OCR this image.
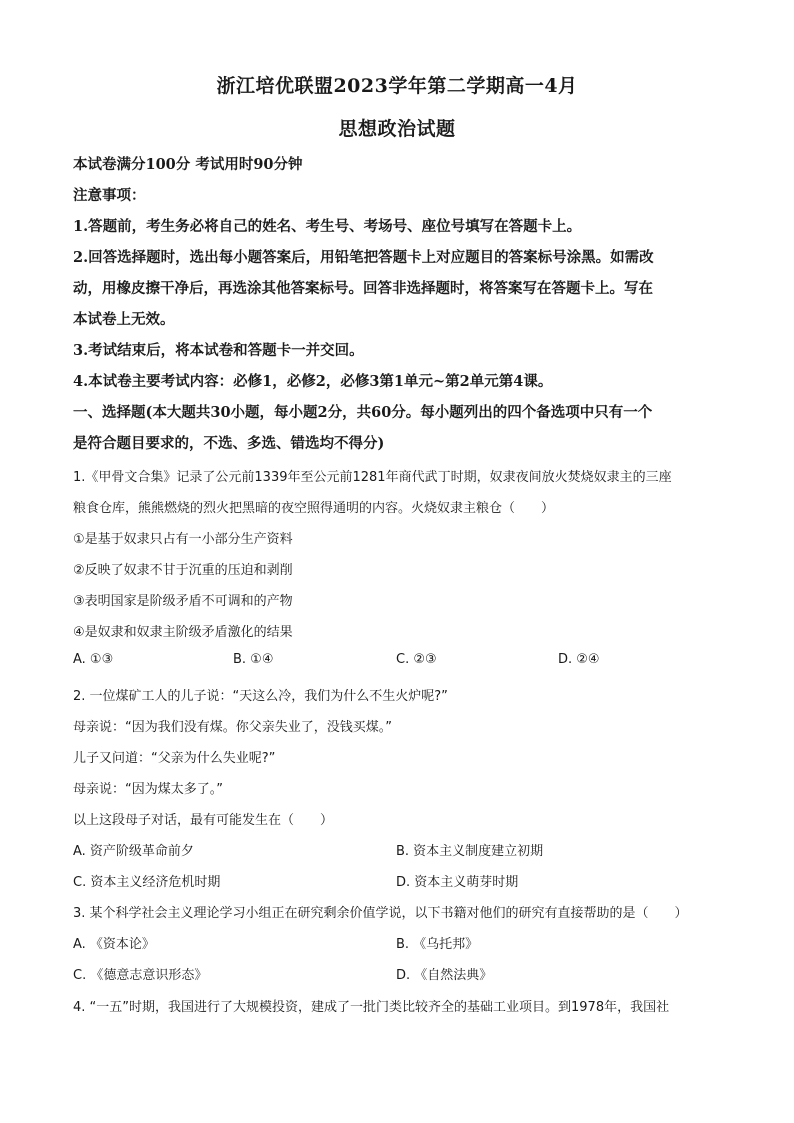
浙江培优联盟2023学年第二学期高一4月
思想政治试题
本试卷满分100分 考试用时90分钟
注意事项：
1.答题前，考生务必将自己的姓名、考生号、考场号、座位号填写在答题卡上。
2.回答选择题时，选出每小题答案后，用铅笔把答题卡上对应题目的答案标号涂黑。如需改
动，用橡皮擦干净后，再选涂其他答案标号。回答非选择题时，将答案写在答题卡上。写在
本试卷上无效。
3.考试结束后，将本试卷和答题卡一并交回。
4.本试卷主要考试内容：必修1，必修2，必修3第1单元~第2单元第4课。
一、选择题(本大题共30小题，每小题2分，共60分。每小题列出的四个备选项中只有一个
是符合题目要求的，不选、多选、错选均不得分)
1.《甲骨文合集》记录了公元前1339年至公元前1281年商代武丁时期，奴隶夜间放火焚烧奴隶主的三座
粮食仓库，熊熊燃烧的烈火把黑暗的夜空照得通明的内容。火烧奴隶主粮仓（　　）
①是基于奴隶只占有一小部分生产资料
②反映了奴隶不甘于沉重的压迫和剥削
③表明国家是阶级矛盾不可调和的产物
④是奴隶和奴隶主阶级矛盾激化的结果
A. ①③	B. ①④	C. ②③	D. ②④
2. 一位煤矿工人的儿子说：“天这么冷，我们为什么不生火炉呢?”
母亲说：“因为我们没有煤。你父亲失业了，没钱买煤。”
儿子又问道：“父亲为什么失业呢?”
母亲说：“因为煤太多了。”
以上这段母子对话，最有可能发生在（　　）
A. 资产阶级革命前夕	B. 资本主义制度建立初期
C. 资本主义经济危机时期	D. 资本主义萌芽时期
3. 某个科学社会主义理论学习小组正在研究剩余价值学说，以下书籍对他们的研究有直接帮助的是（　　）
A. 《资本论》	B. 《乌托邦》
C. 《德意志意识形态》	D. 《自然法典》
4. “一五”时期，我国进行了大规模投资，建成了一批门类比较齐全的基础工业项目。到1978年，我国社
